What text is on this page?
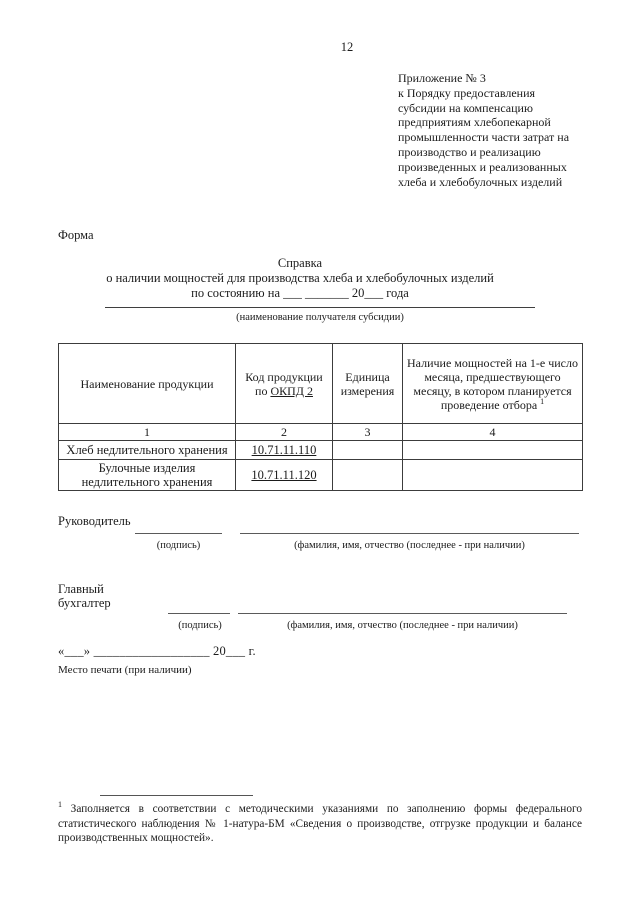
12
Приложение № 3
к Порядку предоставления
субсидии на компенсацию
предприятиям хлебопекарной
промышленности части затрат на
производство и реализацию
произведенных и реализованных
хлеба и хлебобулочных изделий
Форма
Справка
о наличии мощностей для производства хлеба и хлебобулочных изделий
по состоянию на ___ _______ 20___ года
(наименование получателя субсидии)
Наименование продукции	Код продукции по ОКПД 2	Единица измерения	Наличие мощностей на 1-е число месяца, предшествующего месяцу, в котором планируется проведение отбора $^1$
1	2	3	4
Хлеб недлительного хранения	10.71.11.110		
Булочные изделия недлительного хранения	10.71.11.120		
Руководитель
(подпись)	(фамилия, имя, отчество (последнее - при наличии)
Главный
бухгалтер
(подпись)	(фамилия, имя, отчество (последнее - при наличии)
«___» __________________ 20___ г.
Место печати (при наличии)
$^1$ Заполняется в соответствии с методическими указаниями по заполнению формы федерального статистического наблюдения № 1-натура-БМ «Сведения о производстве, отгрузке продукции и балансе производственных мощностей».
